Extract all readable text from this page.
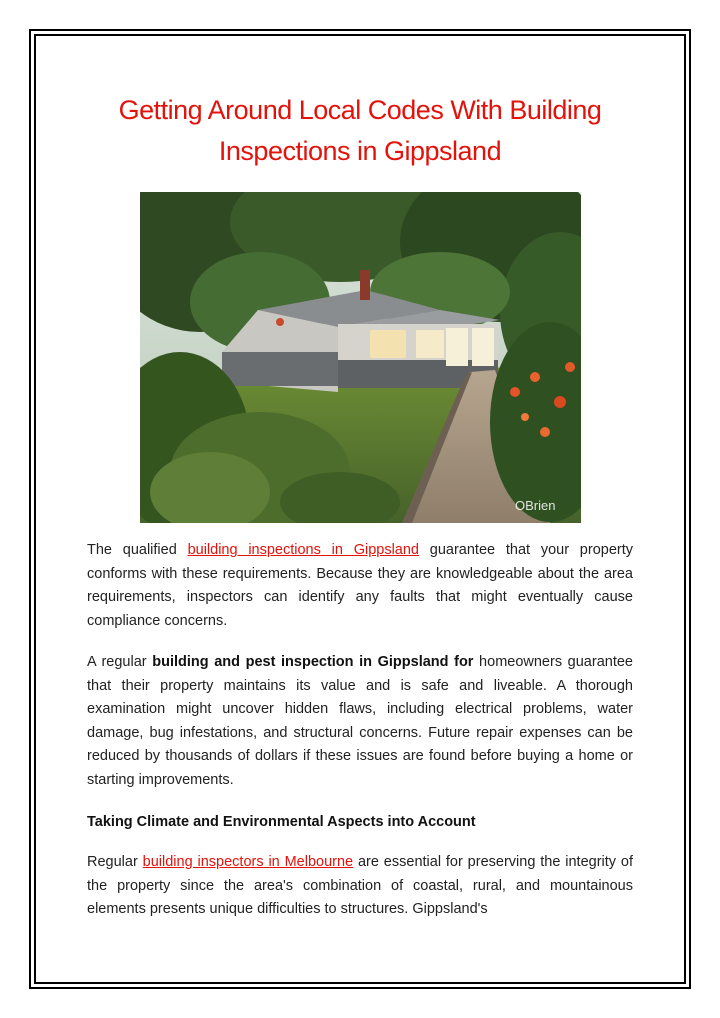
Getting Around Local Codes With Building Inspections in Gippsland
OBrien

The qualified building inspections in Gippsland guarantee that your property conforms with these requirements. Because they are knowledgeable about the area requirements, inspectors can identify any faults that might eventually cause compliance concerns.

A regular building and pest inspection in Gippsland for homeowners guarantee that their property maintains its value and is safe and liveable. A thorough examination might uncover hidden flaws, including electrical problems, water damage, bug infestations, and structural concerns. Future repair expenses can be reduced by thousands of dollars if these issues are found before buying a home or starting improvements.

Taking Climate and Environmental Aspects into Account

Regular building inspectors in Melbourne are essential for preserving the integrity of the property since the area's combination of coastal, rural, and mountainous elements presents unique difficulties to structures. Gippsland's
